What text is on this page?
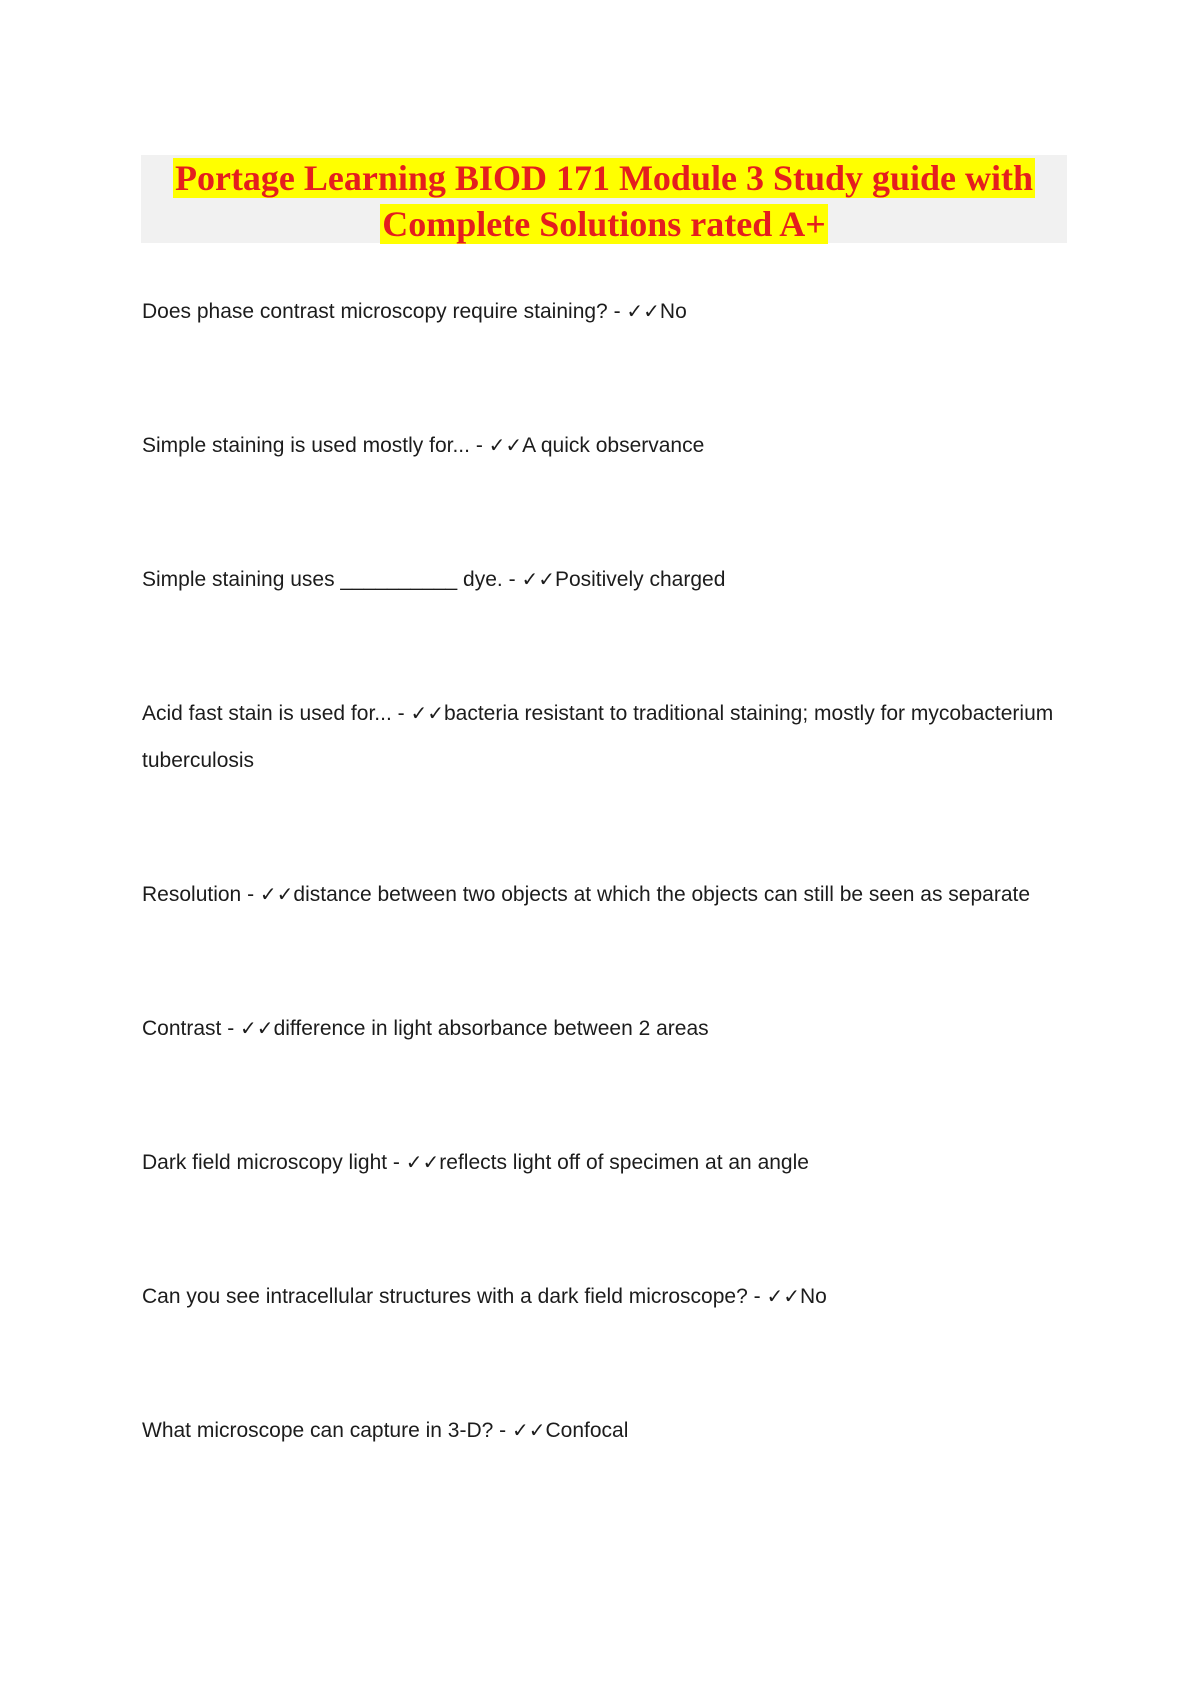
Portage Learning BIOD 171 Module 3 Study guide with
Complete Solutions rated A+

Does phase contrast microscopy require staining? - ✓✓No

Simple staining is used mostly for... - ✓✓A quick observance

Simple staining uses __________ dye. - ✓✓Positively charged

Acid fast stain is used for... - ✓✓bacteria resistant to traditional staining; mostly for mycobacterium tuberculosis

Resolution - ✓✓distance between two objects at which the objects can still be seen as separate

Contrast - ✓✓difference in light absorbance between 2 areas

Dark field microscopy light - ✓✓reflects light off of specimen at an angle

Can you see intracellular structures with a dark field microscope? - ✓✓No

What microscope can capture in 3-D? - ✓✓Confocal
